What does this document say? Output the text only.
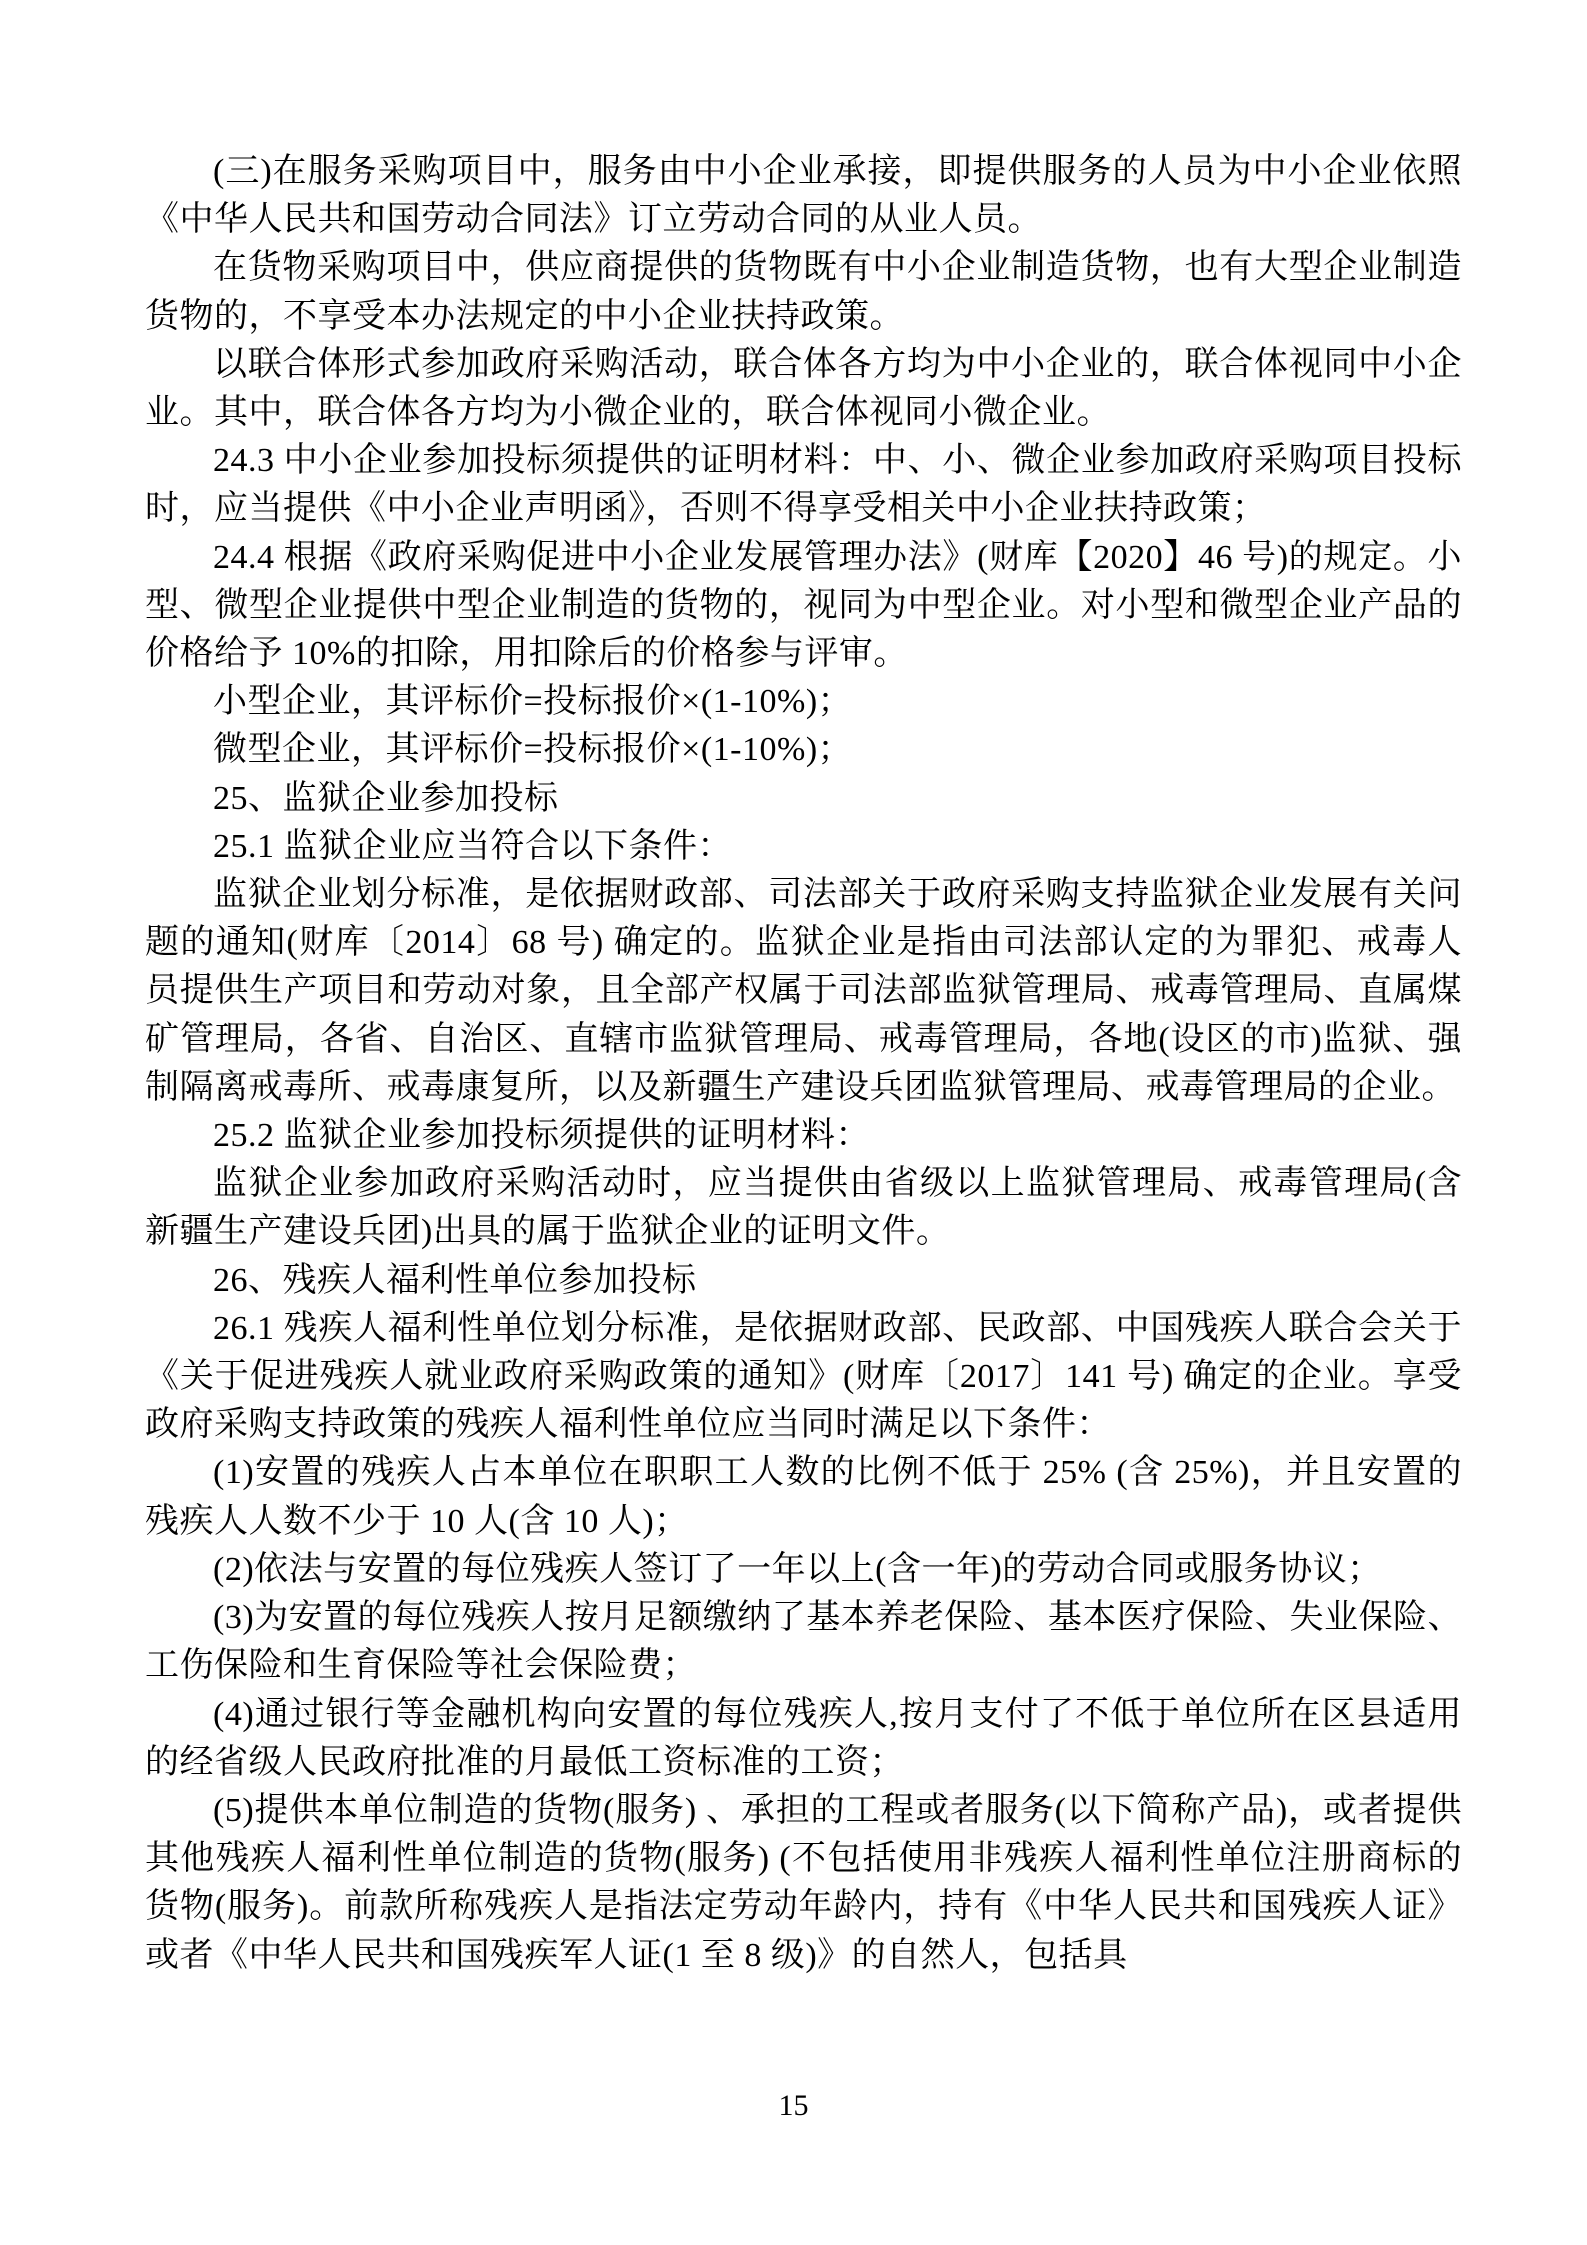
(三)在服务采购项目中，服务由中小企业承接，即提供服务的人员为中小企业依照《中华人民共和国劳动合同法》订立劳动合同的从业人员。

在货物采购项目中，供应商提供的货物既有中小企业制造货物，也有大型企业制造货物的，不享受本办法规定的中小企业扶持政策。

以联合体形式参加政府采购活动，联合体各方均为中小企业的，联合体视同中小企业。其中，联合体各方均为小微企业的，联合体视同小微企业。

24.3 中小企业参加投标须提供的证明材料：中、小、微企业参加政府采购项目投标时，应当提供《中小企业声明函》，否则不得享受相关中小企业扶持政策；

24.4 根据《政府采购促进中小企业发展管理办法》(财库【2020】46 号)的规定。小型、微型企业提供中型企业制造的货物的，视同为中型企业。对小型和微型企业产品的价格给予 10%的扣除，用扣除后的价格参与评审。

小型企业，其评标价=投标报价×(1-10%)；

微型企业，其评标价=投标报价×(1-10%)；

25、监狱企业参加投标

25.1 监狱企业应当符合以下条件：

监狱企业划分标准，是依据财政部、司法部关于政府采购支持监狱企业发展有关问题的通知(财库〔2014〕68 号) 确定的。监狱企业是指由司法部认定的为罪犯、戒毒人员提供生产项目和劳动对象，且全部产权属于司法部监狱管理局、戒毒管理局、直属煤矿管理局，各省、自治区、直辖市监狱管理局、戒毒管理局，各地(设区的市)监狱、强制隔离戒毒所、戒毒康复所，以及新疆生产建设兵团监狱管理局、戒毒管理局的企业。

25.2 监狱企业参加投标须提供的证明材料：

监狱企业参加政府采购活动时，应当提供由省级以上监狱管理局、戒毒管理局(含新疆生产建设兵团)出具的属于监狱企业的证明文件。

26、残疾人福利性单位参加投标

26.1 残疾人福利性单位划分标准，是依据财政部、民政部、中国残疾人联合会关于《关于促进残疾人就业政府采购政策的通知》(财库〔2017〕141 号) 确定的企业。享受政府采购支持政策的残疾人福利性单位应当同时满足以下条件：

(1)安置的残疾人占本单位在职职工人数的比例不低于 25% (含 25%)，并且安置的残疾人人数不少于 10 人(含 10 人)；

(2)依法与安置的每位残疾人签订了一年以上(含一年)的劳动合同或服务协议；

(3)为安置的每位残疾人按月足额缴纳了基本养老保险、基本医疗保险、失业保险、工伤保险和生育保险等社会保险费；

(4)通过银行等金融机构向安置的每位残疾人,按月支付了不低于单位所在区县适用的经省级人民政府批准的月最低工资标准的工资；

(5)提供本单位制造的货物(服务) 、承担的工程或者服务(以下简称产品)，或者提供其他残疾人福利性单位制造的货物(服务) (不包括使用非残疾人福利性单位注册商标的货物(服务)。前款所称残疾人是指法定劳动年龄内，持有《中华人民共和国残疾人证》或者《中华人民共和国残疾军人证(1 至 8 级)》的自然人，包括具

15
